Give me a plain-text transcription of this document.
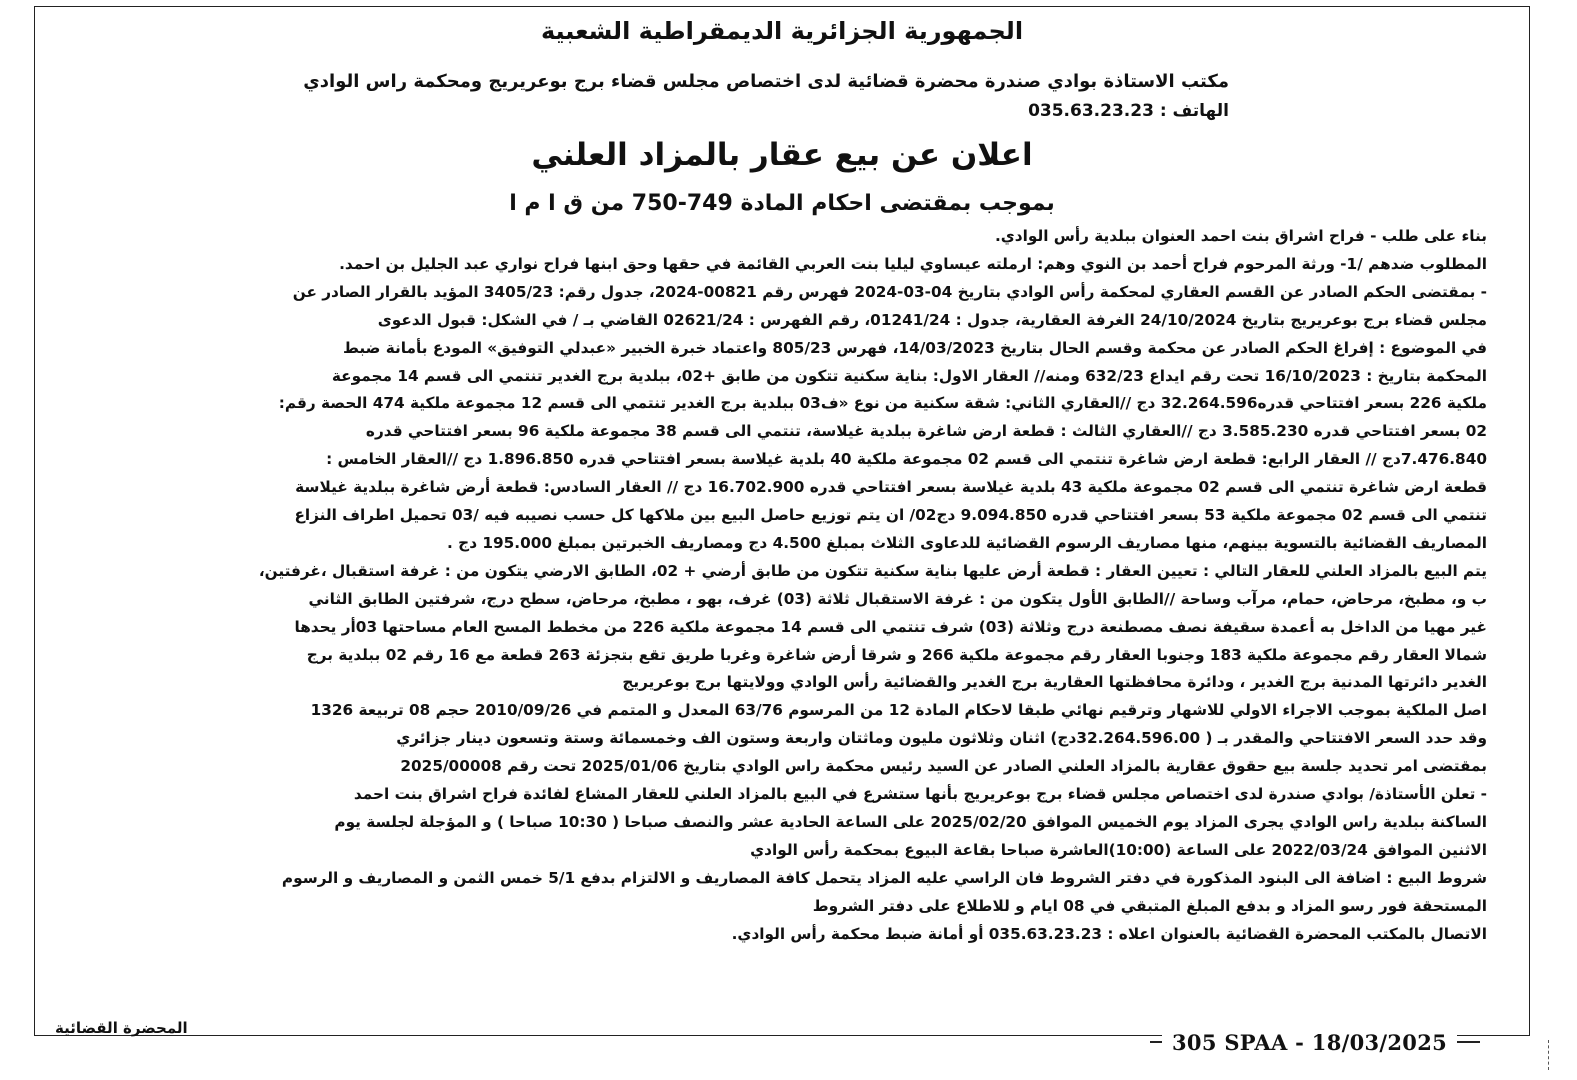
الجمهورية الجزائرية الديمقراطية الشعبية
مكتب الاستاذة بوادي صندرة محضرة قضائية لدى اختصاص مجلس قضاء برج بوعريريج ومحكمة راس الوادي
الهاتف : 035.63.23.23
اعلان عن بيع عقار بالمزاد العلني
بموجب بمقتضى احكام المادة 749-750 من ق ا م ا
بناء على طلب - فراح اشراق بنت احمد العنوان ببلدية رأس الوادي.
المطلوب ضدهم /1- ورثة المرحوم فراح أحمد بن النوي وهم: ارملته عيساوي ليليا بنت العربي القائمة في حقها وحق ابنها فراح نواري عبد الجليل بن احمد.
- بمقتضى الحكم الصادر عن القسم العقاري لمحكمة رأس الوادي بتاريخ 04-03-2024 فهرس رقم 00821-2024، جدول رقم: 3405/23 المؤيد بالقرار الصادر عن
مجلس قضاء برج بوعريريج بتاريخ 24/10/2024 الغرفة العقارية، جدول : 01241/24، رقم الفهرس : 02621/24 القاضي بـ / في الشكل: قبول الدعوى
في الموضوع : إفراغ الحكم الصادر عن محكمة وقسم الحال بتاريخ 14/03/2023، فهرس 805/23 واعتماد خبرة الخبير «عبدلي التوفيق» المودع بأمانة ضبط
المحكمة بتاريخ : 16/10/2023 تحت رقم ايداع 632/23 ومنه// العقار الاول: بناية سكنية تتكون من طابق +02، ببلدية برج الغدير تنتمي الى قسم 14 مجموعة
ملكية 226 بسعر افتتاحي قدره32.264.596 دج //العقاري الثاني: شقة سكنية من نوع «ف03 ببلدية برج الغدير تنتمي الى قسم 12 مجموعة ملكية 474 الحصة رقم:
02 بسعر افتتاحي قدره 3.585.230 دج //العقاري الثالث : قطعة ارض شاغرة ببلدية غيلاسة، تنتمي الى قسم 38 مجموعة ملكية 96 بسعر افتتاحي قدره
7.476.840دج // العقار الرابع: قطعة ارض شاغرة تنتمي الى قسم 02 مجموعة ملكية 40 بلدية غيلاسة بسعر افتتاحي قدره 1.896.850 دج //العقار الخامس :
قطعة ارض شاغرة تنتمي الى قسم 02 مجموعة ملكية 43 بلدية غيلاسة بسعر افتتاحي قدره 16.702.900 دج // العقار السادس: قطعة أرض شاغرة ببلدية غيلاسة
تنتمي الى قسم 02 مجموعة ملكية 53 بسعر افتتاحي قدره 9.094.850 دج02/ ان يتم توزيع حاصل البيع بين ملاكها كل حسب نصيبه فيه /03 تحميل اطراف النزاع
المصاريف القضائية بالتسوية بينهم، منها مصاريف الرسوم القضائية للدعاوى الثلاث بمبلغ 4.500 دج ومصاريف الخبرتين بمبلغ 195.000 دج .
يتم البيع بالمزاد العلني للعقار التالي : تعيين العقار : قطعة أرض عليها بناية سكنية تتكون من طابق أرضي + 02، الطابق الارضي يتكون من : غرفة استقبال ،غرفتين،
ب و، مطبخ، مرحاض، حمام، مرآب وساحة //الطابق الأول يتكون من : غرفة الاستقبال ثلاثة (03) غرف، بهو ، مطبخ، مرحاض، سطح درج، شرفتين الطابق الثاني
غير مهيا من الداخل به أعمدة سقيفة نصف مصطنعة درج وثلاثة (03) شرف تنتمي الى قسم 14 مجموعة ملكية 226 من مخطط المسح العام مساحتها 03أر يحدها
شمالا العقار رقم مجموعة ملكية 183 وجنوبا العقار رقم مجموعة ملكية 266 و شرقا أرض شاغرة وغربا طريق تقع بتجزئة 263 قطعة مع 16 رقم 02 ببلدية برج
الغدير دائرتها المدنية برج الغدير ، ودائرة محافظتها العقارية برج الغدير والقضائية رأس الوادي وولايتها برج بوعريريج
اصل الملكية بموجب الاجراء الاولي للاشهار وترقيم نهائي طبقا لاحكام المادة 12 من المرسوم 63/76 المعدل و المتمم في 2010/09/26 حجم 08 تربيعة 1326
وقد حدد السعر الافتتاحي والمقدر بـ ( 32.264.596.00دج) اثنان وثلاثون مليون وماثتان واربعة وستون الف وخمسمائة وستة وتسعون دينار جزائري
بمقتضى امر تحديد جلسة بيع حقوق عقارية بالمزاد العلني الصادر عن السيد رئيس محكمة راس الوادي بتاريخ 2025/01/06 تحت رقم 2025/00008
- تعلن الأستاذة/ بوادي صندرة لدى اختصاص مجلس قضاء برج بوعريريج بأنها ستشرع في البيع بالمزاد العلني للعقار المشاع لفائدة فراح اشراق بنت احمد
الساكنة ببلدية راس الوادي يجرى المزاد يوم الخميس الموافق 2025/02/20 على الساعة الحادية عشر والنصف صباحا ( 10:30 صباحا ) و المؤجلة لجلسة يوم
الاثنين الموافق 2022/03/24 على الساعة (10:00)العاشرة صباحا بقاعة البيوع بمحكمة رأس الوادي
شروط البيع : اضافة الى البنود المذكورة في دفتر الشروط فان الراسي عليه المزاد يتحمل كافة المصاريف و الالتزام بدفع 5/1 خمس الثمن و المصاريف و الرسوم
المستحقة فور رسو المزاد و بدفع المبلغ المتبقي في 08 ايام و للاطلاع على دفتر الشروط
الاتصال بالمكتب المحضرة القضائية بالعنوان اعلاه : 035.63.23.23 أو أمانة ضبط محكمة رأس الوادي.
المحضرة القضائية
305 SPAA - 18/03/2025
